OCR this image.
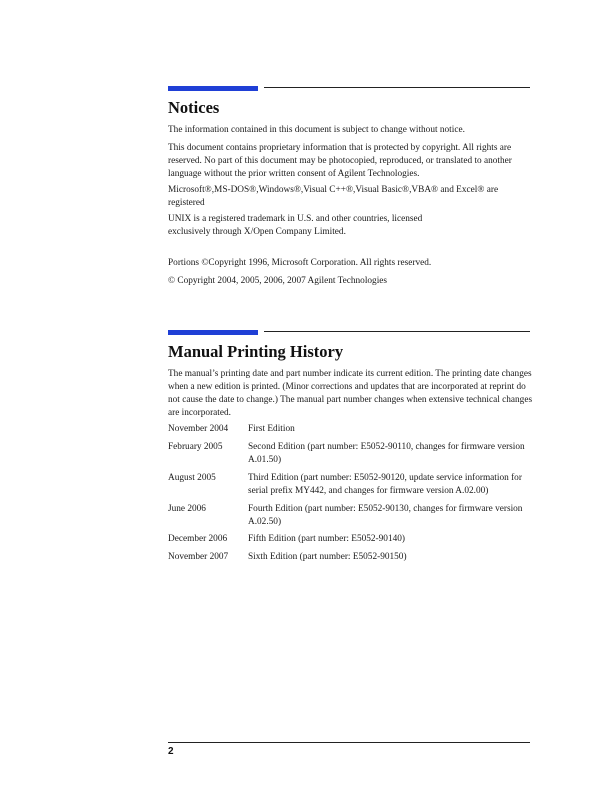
Notices

The information contained in this document is subject to change without notice.

This document contains proprietary information that is protected by copyright. All rights are reserved. No part of this document may be photocopied, reproduced, or translated to another language without the prior written consent of Agilent Technologies.

Microsoft®,MS-DOS®,Windows®,Visual C++®,Visual Basic®,VBA® and Excel® are registered

UNIX is a registered trademark in U.S. and other countries, licensed exclusively through X/Open Company Limited.

Portions ©Copyright 1996, Microsoft Corporation. All rights reserved.

© Copyright 2004, 2005, 2006, 2007 Agilent Technologies

Manual Printing History

The manual’s printing date and part number indicate its current edition. The printing date changes when a new edition is printed. (Minor corrections and updates that are incorporated at reprint do not cause the date to change.) The manual part number changes when extensive technical changes are incorporated.

November 2004	First Edition
February 2005	Second Edition (part number: E5052-90110, changes for firmware version A.01.50)
August 2005	Third Edition (part number: E5052-90120, update service information for serial prefix MY442, and changes for firmware version A.02.00)
June 2006	Fourth Edition (part number: E5052-90130, changes for firmware version A.02.50)
December 2006	Fifth Edition (part number: E5052-90140)
November 2007	Sixth Edition (part number: E5052-90150)
2
